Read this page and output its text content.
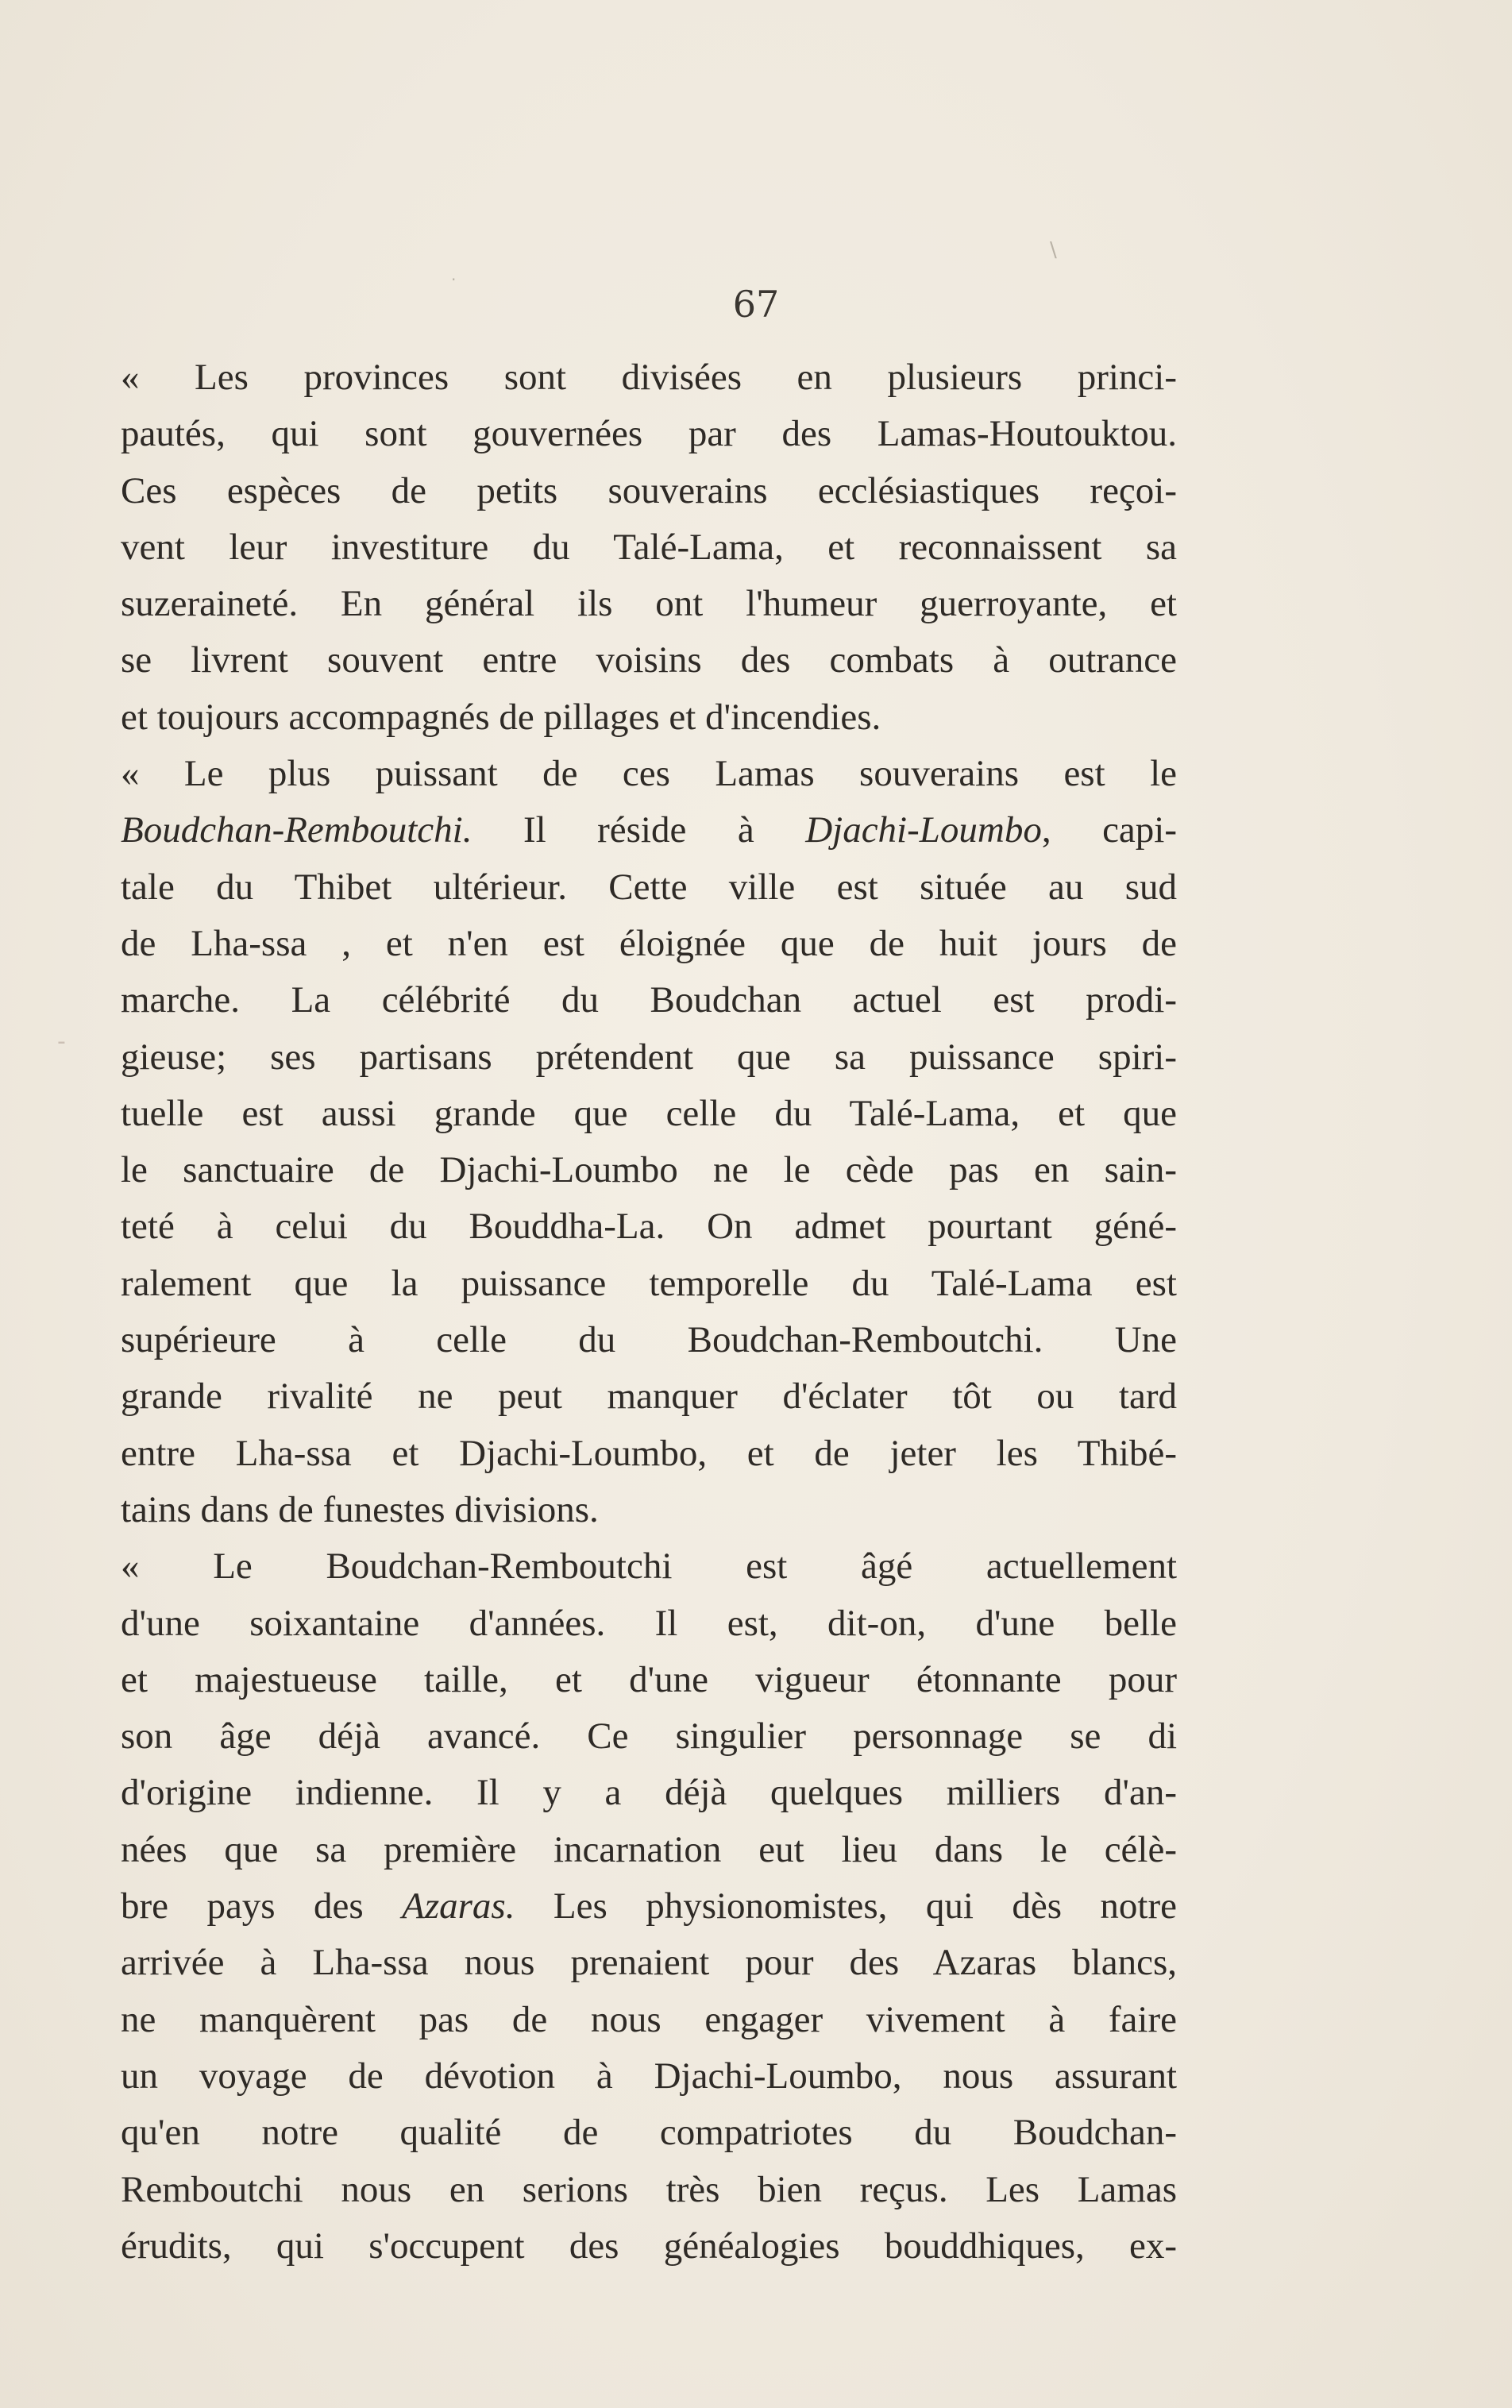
\
·
-
67
« Les provinces sont divisées en plusieurs princi-
pautés, qui sont gouvernées par des Lamas-Houtouktou.
Ces espèces de petits souverains ecclésiastiques reçoi-
vent leur investiture du Talé-Lama, et reconnaissent sa
suzeraineté. En général ils ont l'humeur guerroyante, et
se livrent souvent entre voisins des combats à outrance
et toujours accompagnés de pillages et d'incendies.
« Le plus puissant de ces Lamas souverains est le
Boudchan-Remboutchi. Il réside à Djachi-Loumbo, capi-
tale du Thibet ultérieur. Cette ville est située au sud
de Lha-ssa , et n'en est éloignée que de huit jours de
marche. La célébrité du Boudchan actuel est prodi-
gieuse; ses partisans prétendent que sa puissance spiri-
tuelle est aussi grande que celle du Talé-Lama, et que
le sanctuaire de Djachi-Loumbo ne le cède pas en sain-
teté à celui du Bouddha-La. On admet pourtant géné-
ralement que la puissance temporelle du Talé-Lama est
supérieure à celle du Boudchan-Remboutchi. Une
grande rivalité ne peut manquer d'éclater tôt ou tard
entre Lha-ssa et Djachi-Loumbo, et de jeter les Thibé-
tains dans de funestes divisions.
« Le Boudchan-Remboutchi est âgé actuellement
d'une soixantaine d'années. Il est, dit-on, d'une belle
et majestueuse taille, et d'une vigueur étonnante pour
son âge déjà avancé. Ce singulier personnage se di
d'origine indienne. Il y a déjà quelques milliers d'an-
nées que sa première incarnation eut lieu dans le célè-
bre pays des Azaras. Les physionomistes, qui dès notre
arrivée à Lha-ssa nous prenaient pour des Azaras blancs,
ne manquèrent pas de nous engager vivement à faire
un voyage de dévotion à Djachi-Loumbo, nous assurant
qu'en notre qualité de compatriotes du Boudchan-
Remboutchi nous en serions très bien reçus. Les Lamas
érudits, qui s'occupent des généalogies bouddhiques, ex-
